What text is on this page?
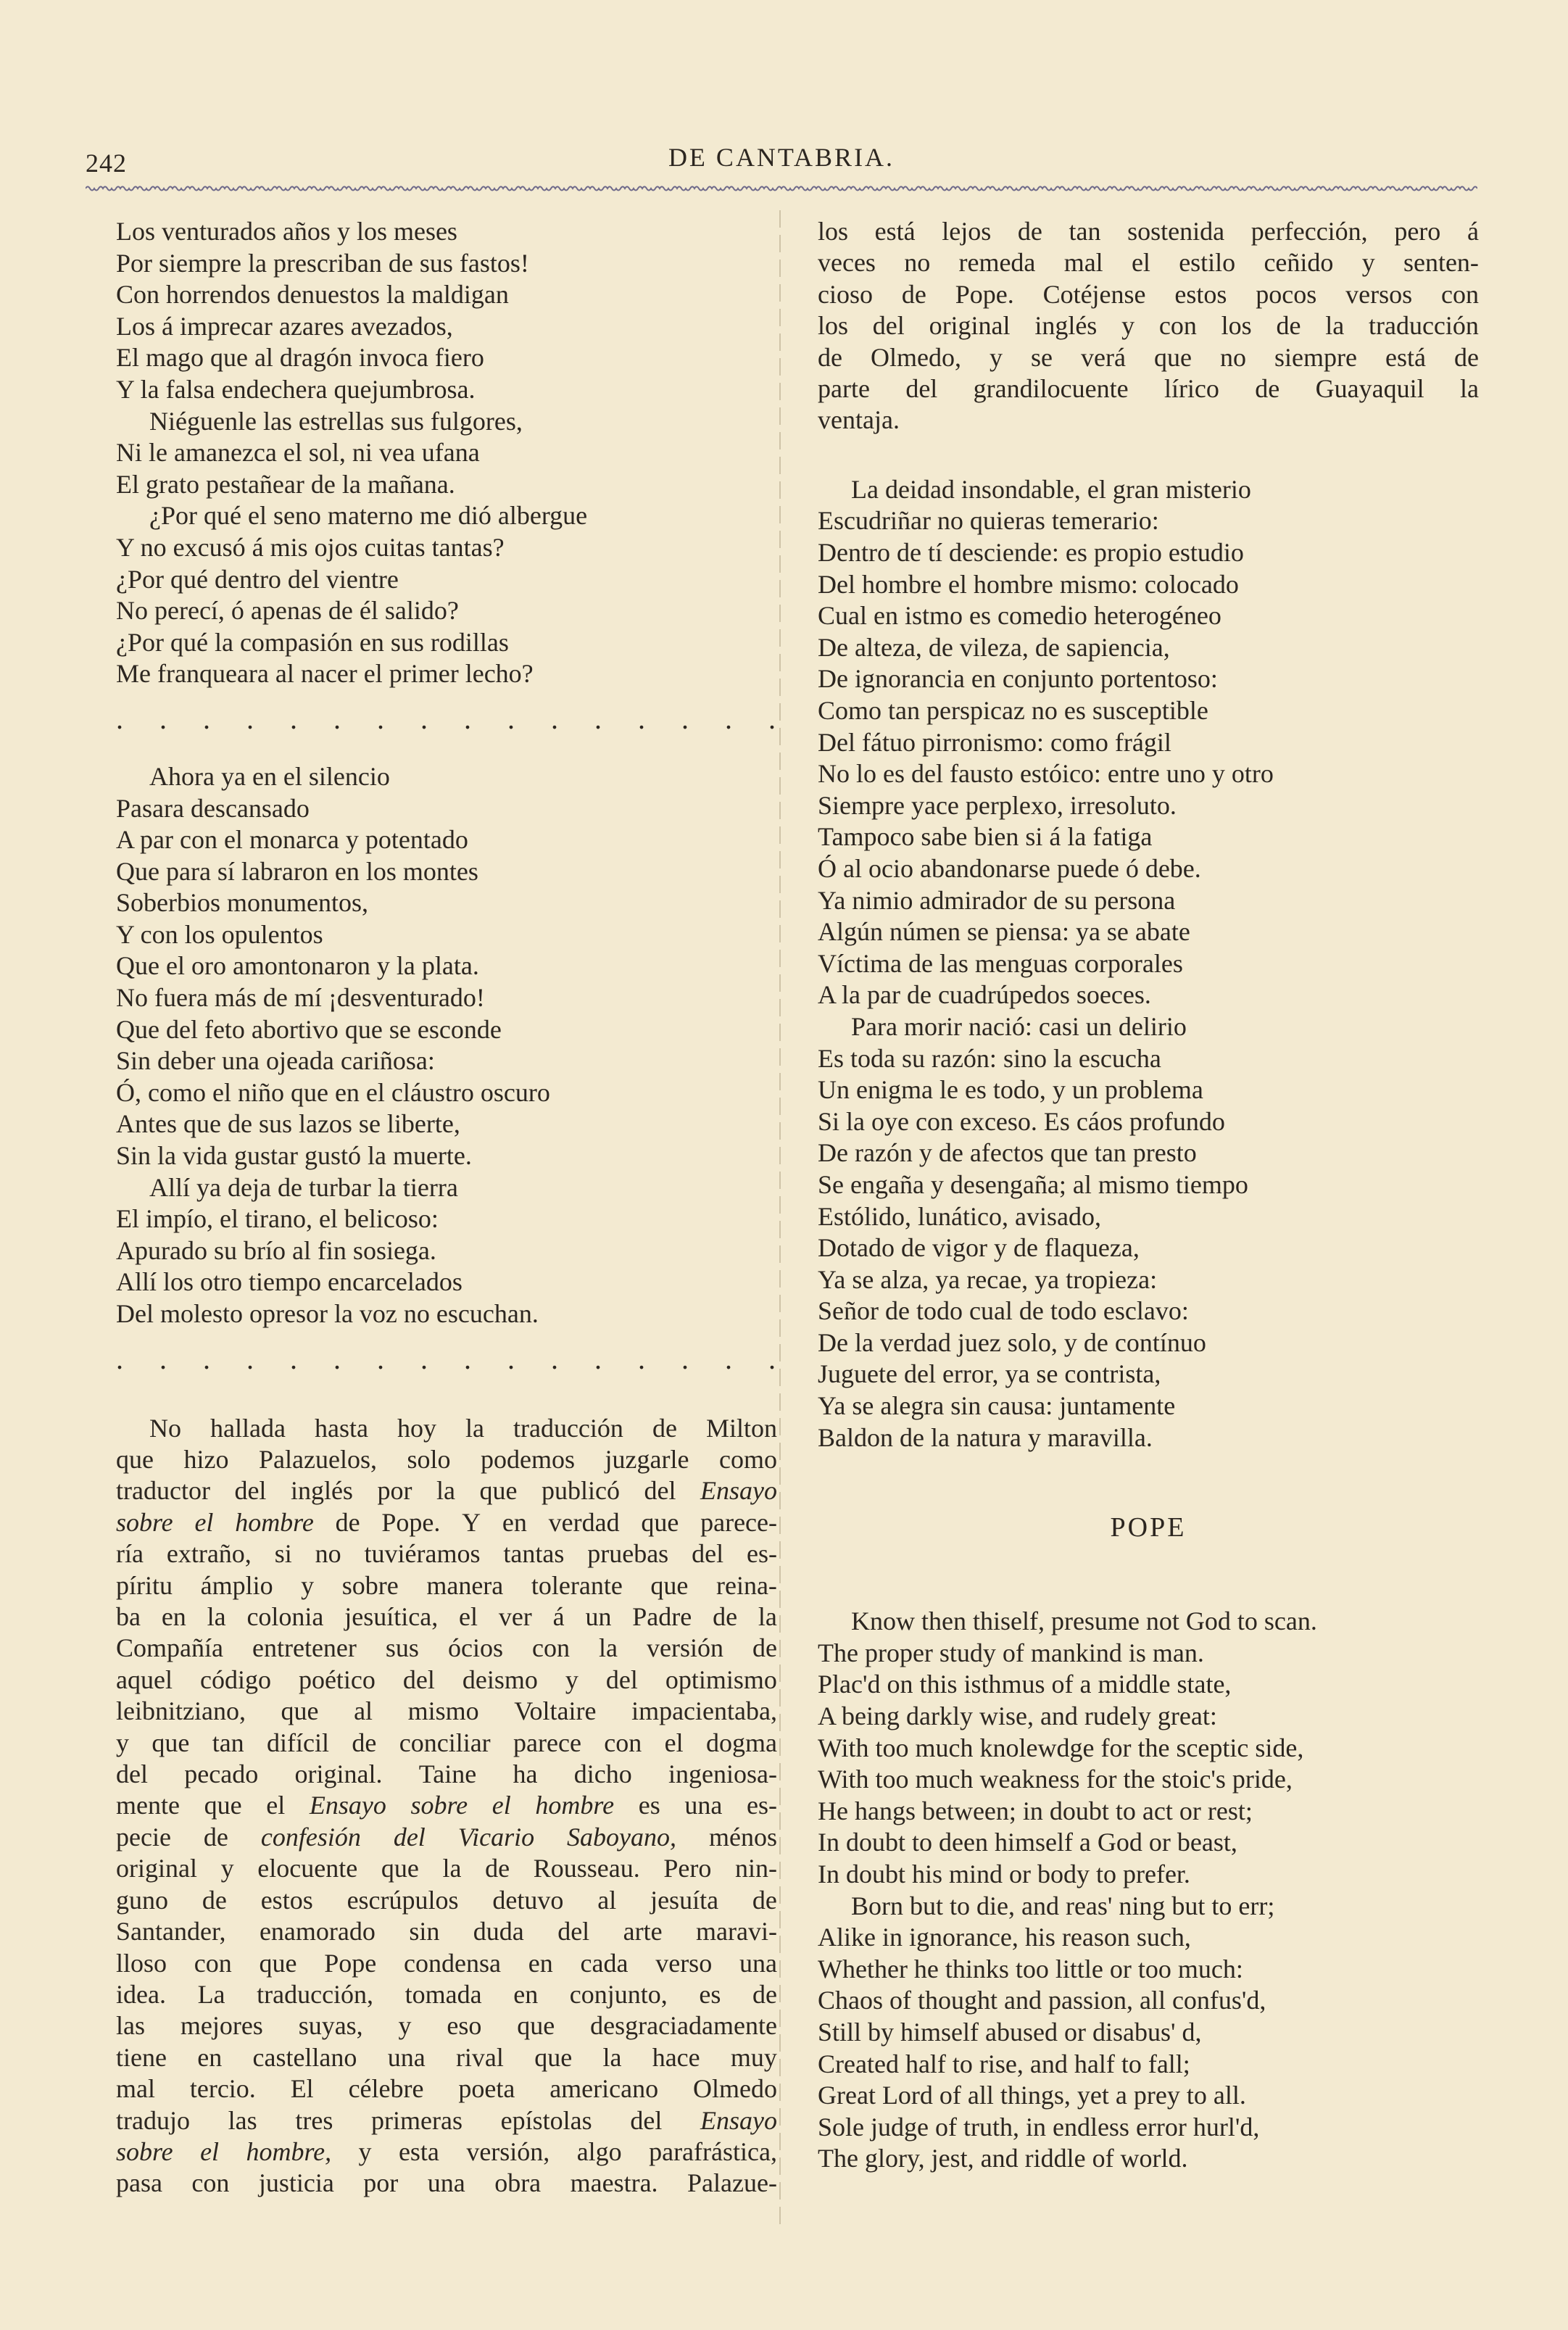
242	DE CANTABRIA.
Los venturados años y los meses
Por siempre la prescriban de sus fastos!
Con horrendos denuestos la maldigan
Los á imprecar azares avezados,
El mago que al dragón invoca fiero
Y la falsa endechera quejumbrosa.
Niéguenle las estrellas sus fulgores,
Ni le amanezca el sol, ni vea ufana
El grato pestañear de la mañana.
¿Por qué el seno materno me dió albergue
Y no excusó á mis ojos cuitas tantas?
¿Por qué dentro del vientre
No perecí, ó apenas de él salido?
¿Por qué la compasión en sus rodillas
Me franqueara al nacer el primer lecho?
. . . . . . . . . . . . . . . .
Ahora ya en el silencio
Pasara descansado
A par con el monarca y potentado
Que para sí labraron en los montes
Soberbios monumentos,
Y con los opulentos
Que el oro amontonaron y la plata.
No fuera más de mí ¡desventurado!
Que del feto abortivo que se esconde
Sin deber una ojeada cariñosa:
Ó, como el niño que en el cláustro oscuro
Antes que de sus lazos se liberte,
Sin la vida gustar gustó la muerte.
Allí ya deja de turbar la tierra
El impío, el tirano, el belicoso:
Apurado su brío al fin sosiega.
Allí los otro tiempo encarcelados
Del molesto opresor la voz no escuchan.
. . . . . . . . . . . . . . . .
No hallada hasta hoy la traducción de Milton
que hizo Palazuelos, solo podemos juzgarle como
traductor del inglés por la que publicó del Ensayo
sobre el hombre de Pope. Y en verdad que parece-
ría extraño, si no tuviéramos tantas pruebas del es-
píritu ámplio y sobre manera tolerante que reina-
ba en la colonia jesuítica, el ver á un Padre de la
Compañía entretener sus ócios con la versión de
aquel código poético del deismo y del optimismo
leibnitziano, que al mismo Voltaire impacientaba,
y que tan difícil de conciliar parece con el dogma
del pecado original. Taine ha dicho ingeniosa-
mente que el Ensayo sobre el hombre es una es-
pecie de confesión del Vicario Saboyano, ménos
original y elocuente que la de Rousseau. Pero nin-
guno de estos escrúpulos detuvo al jesuíta de
Santander, enamorado sin duda del arte maravi-
lloso con que Pope condensa en cada verso una
idea. La traducción, tomada en conjunto, es de
las mejores suyas, y eso que desgraciadamente
tiene en castellano una rival que la hace muy
mal tercio. El célebre poeta americano Olmedo
tradujo las tres primeras epístolas del Ensayo
sobre el hombre, y esta versión, algo parafrástica,
pasa con justicia por una obra maestra. Palazue-
los está lejos de tan sostenida perfección, pero á
veces no remeda mal el estilo ceñido y senten-
cioso de Pope. Cotéjense estos pocos versos con
los del original inglés y con los de la traducción
de Olmedo, y se verá que no siempre está de
parte del grandilocuente lírico de Guayaquil la
ventaja.
La deidad insondable, el gran misterio
Escudriñar no quieras temerario:
Dentro de tí desciende: es propio estudio
Del hombre el hombre mismo: colocado
Cual en istmo es comedio heterogéneo
De alteza, de vileza, de sapiencia,
De ignorancia en conjunto portentoso:
Como tan perspicaz no es susceptible
Del fátuo pirronismo: como frágil
No lo es del fausto estóico: entre uno y otro
Siempre yace perplexo, irresoluto.
Tampoco sabe bien si á la fatiga
Ó al ocio abandonarse puede ó debe.
Ya nimio admirador de su persona
Algún númen se piensa: ya se abate
Víctima de las menguas corporales
A la par de cuadrúpedos soeces.
Para morir nació: casi un delirio
Es toda su razón: sino la escucha
Un enigma le es todo, y un problema
Si la oye con exceso. Es cáos profundo
De razón y de afectos que tan presto
Se engaña y desengaña; al mismo tiempo
Estólido, lunático, avisado,
Dotado de vigor y de flaqueza,
Ya se alza, ya recae, ya tropieza:
Señor de todo cual de todo esclavo:
De la verdad juez solo, y de contínuo
Juguete del error, ya se contrista,
Ya se alegra sin causa: juntamente
Baldon de la natura y maravilla.
POPE
Know then thiself, presume not God to scan.
The proper study of mankind is man.
Plac'd on this isthmus of a middle state,
A being darkly wise, and rudely great:
With too much knolewdge for the sceptic side,
With too much weakness for the stoic's pride,
He hangs between; in doubt to act or rest;
In doubt to deen himself a God or beast,
In doubt his mind or body to prefer.
Born but to die, and reas' ning but to err;
Alike in ignorance, his reason such,
Whether he thinks too little or too much:
Chaos of thought and passion, all confus'd,
Still by himself abused or disabus' d,
Created half to rise, and half to fall;
Great Lord of all things, yet a prey to all.
Sole judge of truth, in endless error hurl'd,
The glory, jest, and riddle of world.
